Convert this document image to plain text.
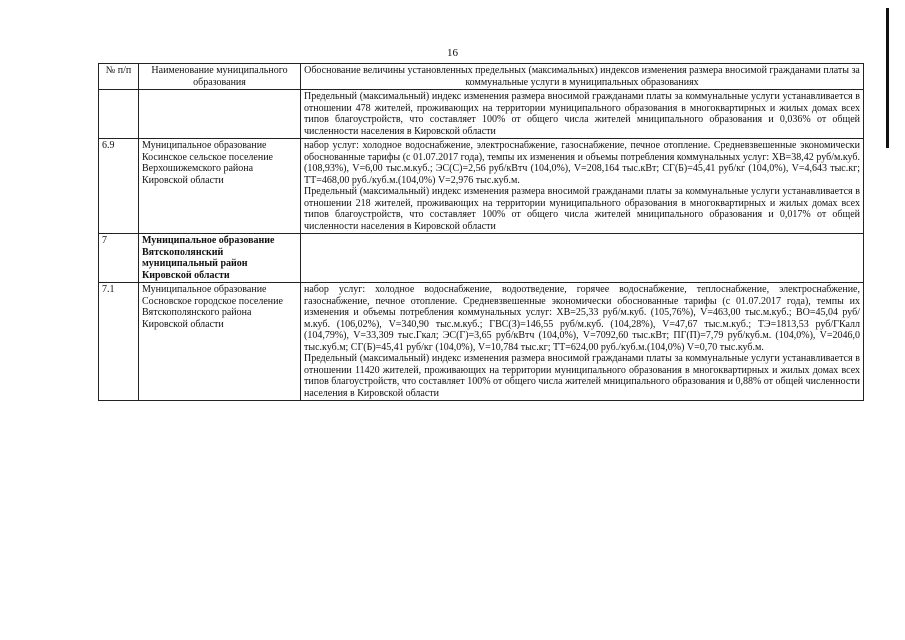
16
№ п/п	Наименование муниципального образования	Обоснование величины установленных предельных (максимальных) индексов изменения размера вносимой гражданами платы за коммунальные услуги в муниципальных образованиях

		Предельный (максимальный) индекс изменения размера вносимой гражданами платы за коммунальные услуги устанавливается в отношении 478 жителей, проживающих на территории муниципального образования в многоквартирных и жилых домах всех типов благоустройств, что составляет 100% от общего числа жителей мниципального образования и 0,036% от общей численности населения в Кировской области

6.9	Муниципальное образование Косинское сельское поселение Верхошижемского района Кировской области	набор услуг: холодное водоснабжение, электроснабжение, газоснабжение, печное отопление. Средневзвешенные экономически обоснованные тарифы (с 01.07.2017 года), темпы их изменения и объемы потребления коммунальных услуг: ХВ=38,42 руб/м.куб. (108,93%), V=6,00 тыс.м.куб.; ЭС(С)=2,56 руб/кВтч (104,0%), V=208,164 тыс.кВт; СГ(Б)=45,41 руб/кг (104,0%), V=4,643 тыс.кг; ТТ=468,00 руб./куб.м.(104,0%) V=2,976 тыс.куб.м.

Предельный (максимальный) индекс изменения размера вносимой гражданами платы за коммунальные услуги устанавливается в отношении 218 жителей, проживающих на территории муниципального образования в многоквартирных и жилых домах всех типов благоустройств, что составляет 100% от общего числа жителей мниципального образования и 0,017% от общей численности населения в Кировской области

7	Муниципальное образование Вятскополянский муниципальный район Кировской области	
7.1	Муниципальное образование Сосновское городское поселение Вятскополянского района Кировской области	набор услуг: холодное водоснабжение, водоотведение, горячее водоснабжение, теплоснабжение, электроснабжение, газоснабжение, печное отопление. Средневзвешенные экономически обоснованные тарифы (с 01.07.2017 года), темпы их изменения и объемы потребления коммунальных услуг: ХВ=25,33 руб/м.куб. (105,76%), V=463,00 тыс.м.куб.; ВО=45,04 руб/м.куб. (106,02%), V=340,90 тыс.м.куб.; ГВС(З)=146,55 руб/м.куб. (104,28%), V=47,67 тыс.м.куб.; ТЭ=1813,53 руб/ГКалл (104,79%), V=33,309 тыс.Гкал; ЭС(Г)=3,65 руб/кВтч (104,0%), V=7092,60 тыс.кВт; ПГ(П)=7,79 руб/куб.м. (104,0%), V=2046,0 тыс.куб.м; СГ(Б)=45,41 руб/кг (104,0%), V=10,784 тыс.кг; ТТ=624,00 руб./куб.м.(104,0%) V=0,70 тыс.куб.м.

Предельный (максимальный) индекс изменения размера вносимой гражданами платы за коммунальные услуги устанавливается в отношении 11420 жителей, проживающих на территории муниципального образования в многоквартирных и жилых домах всех типов благоустройств, что составляет 100% от общего числа жителей мниципального образования и 0,88% от общей численности населения в Кировской области
